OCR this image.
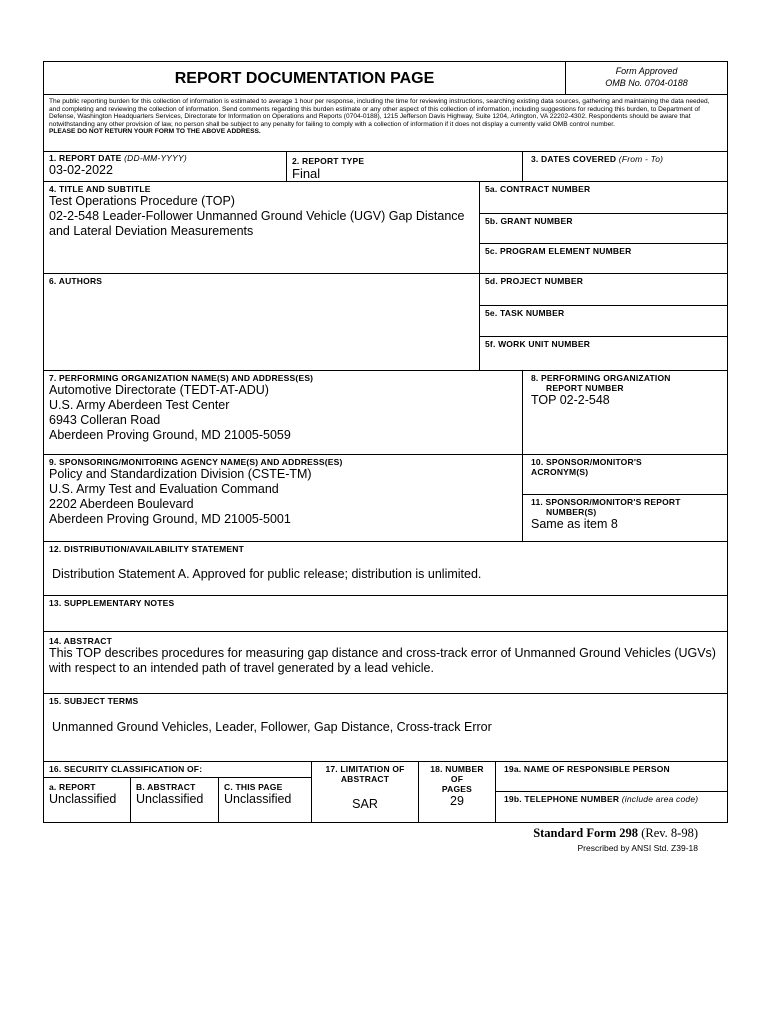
REPORT DOCUMENTATION PAGE	Form Approved
OMB No. 0704-0188
The public reporting burden for this collection of information is estimated to average 1 hour per response, including the time for reviewing instructions, searching existing data sources, gathering and maintaining the data needed, and completing and reviewing the collection of information. Send comments regarding this burden estimate or any other aspect of this collection of information, including suggestions for reducing this burden, to Department of Defense, Washington Headquarters Services, Directorate for Information on Operations and Reports (0704-0188), 1215 Jefferson Davis Highway, Suite 1204, Arlington, VA 22202-4302. Respondents should be aware that notwithstanding any other provision of law, no person shall be subject to any penalty for failing to comply with a collection of information if it does not display a currently valid OMB control number.
PLEASE DO NOT RETURN YOUR FORM TO THE ABOVE ADDRESS.
1. REPORT DATE (DD-MM-YYYY)
03-02-2022
2. REPORT TYPE
Final
3. DATES COVERED (From - To)
4. TITLE AND SUBTITLE
Test Operations Procedure (TOP)
02-2-548 Leader-Follower Unmanned Ground Vehicle (UGV) Gap Distance
and Lateral Deviation Measurements
5a. CONTRACT NUMBER
5b. GRANT NUMBER
5c. PROGRAM ELEMENT NUMBER
6. AUTHORS	5d. PROJECT NUMBER
5e. TASK NUMBER
5f. WORK UNIT NUMBER
7. PERFORMING ORGANIZATION NAME(S) AND ADDRESS(ES)
Automotive Directorate (TEDT-AT-ADU)
U.S. Army Aberdeen Test Center
6943 Colleran Road
Aberdeen Proving Ground, MD 21005-5059
8. PERFORMING ORGANIZATION
REPORT NUMBER
TOP 02-2-548
9. SPONSORING/MONITORING AGENCY NAME(S) AND ADDRESS(ES)
Policy and Standardization Division (CSTE-TM)
U.S. Army Test and Evaluation Command
2202 Aberdeen Boulevard
Aberdeen Proving Ground, MD 21005-5001
10. SPONSOR/MONITOR'S
ACRONYM(S)
11. SPONSOR/MONITOR'S REPORT
NUMBER(S)
Same as item 8
12. DISTRIBUTION/AVAILABILITY STATEMENT
Distribution Statement A. Approved for public release; distribution is unlimited.
13. SUPPLEMENTARY NOTES
14. ABSTRACT
This TOP describes procedures for measuring gap distance and cross-track error of Unmanned Ground Vehicles (UGVs)
with respect to an intended path of travel generated by a lead vehicle.
15. SUBJECT TERMS
Unmanned Ground Vehicles, Leader, Follower, Gap Distance, Cross-track Error
16. SECURITY CLASSIFICATION OF:
a. REPORT
Unclassified
B. ABSTRACT
Unclassified
C. THIS PAGE
Unclassified
17. LIMITATION OF
ABSTRACT
SAR
18. NUMBER
OF
PAGES
29
19a. NAME OF RESPONSIBLE PERSON
19b. TELEPHONE NUMBER (include area code)
Standard Form 298 (Rev. 8-98)
Prescribed by ANSI Std. Z39-18
